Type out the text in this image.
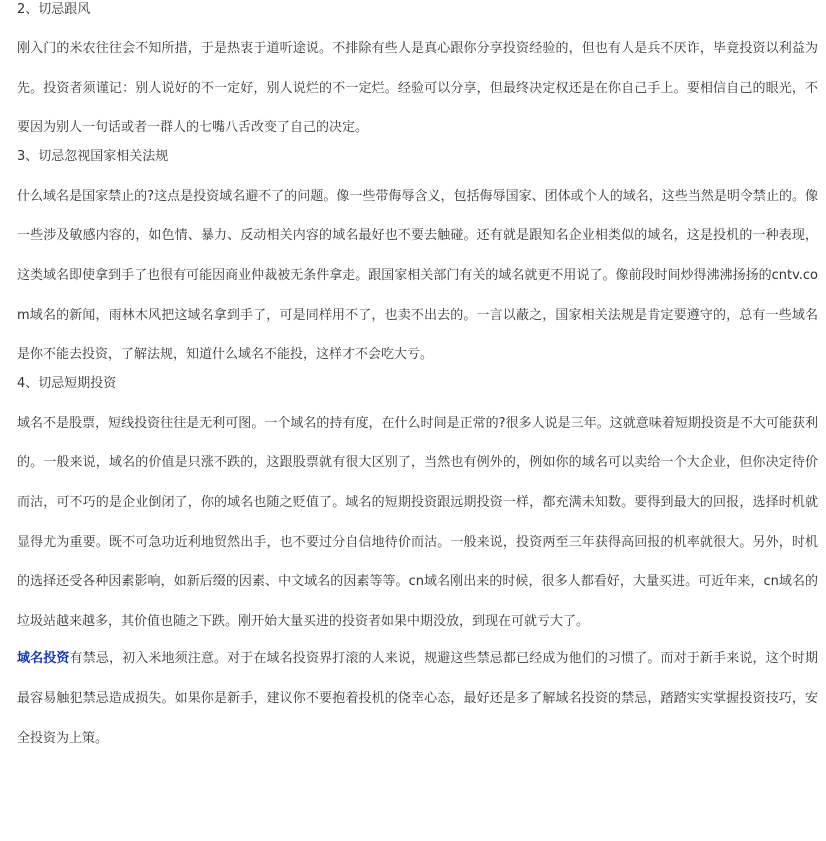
2、切忌跟风

刚入门的米农往往会不知所措，于是热衷于道听途说。不排除有些人是真心跟你分享投资经验的，但也有人是兵不厌诈，毕竟投资以利益为先。投资者须谨记：别人说好的不一定好，别人说烂的不一定烂。经验可以分享，但最终决定权还是在你自己手上。要相信自己的眼光，不要因为别人一句话或者一群人的七嘴八舌改变了自己的决定。

3、切忌忽视国家相关法规

什么域名是国家禁止的?这点是投资域名避不了的问题。像一些带侮辱含义，包括侮辱国家、团体或个人的域名，这些当然是明令禁止的。像一些涉及敏感内容的，如色情、暴力、反动相关内容的域名最好也不要去触碰。还有就是跟知名企业相类似的域名，这是投机的一种表现，这类域名即使拿到手了也很有可能因商业仲裁被无条件拿走。跟国家相关部门有关的域名就更不用说了。像前段时间炒得沸沸扬扬的cntv.com域名的新闻，雨林木风把这域名拿到手了，可是同样用不了，也卖不出去的。一言以蔽之，国家相关法规是肯定要遵守的，总有一些域名是你不能去投资，了解法规，知道什么域名不能投，这样才不会吃大亏。

4、切忌短期投资

域名不是股票，短线投资往往是无利可图。一个域名的持有度，在什么时间是正常的?很多人说是三年。这就意味着短期投资是不大可能获利的。一般来说，域名的价值是只涨不跌的，这跟股票就有很大区别了，当然也有例外的，例如你的域名可以卖给一个大企业，但你决定待价而沽，可不巧的是企业倒闭了，你的域名也随之贬值了。域名的短期投资跟远期投资一样，都充满未知数。要得到最大的回报，选择时机就显得尤为重要。既不可急功近利地贸然出手，也不要过分自信地待价而沽。一般来说，投资两至三年获得高回报的机率就很大。另外，时机的选择还受各种因素影响，如新后缀的因素、中文域名的因素等等。cn域名刚出来的时候，很多人都看好，大量买进。可近年来，cn域名的垃圾站越来越多，其价值也随之下跌。刚开始大量买进的投资者如果中期没放，到现在可就亏大了。

域名投资有禁忌，初入米地须注意。对于在域名投资界打滚的人来说，规避这些禁忌都已经成为他们的习惯了。而对于新手来说，这个时期最容易触犯禁忌造成损失。如果你是新手，建议你不要抱着投机的侥幸心态，最好还是多了解域名投资的禁忌，踏踏实实掌握投资技巧，安全投资为上策。
